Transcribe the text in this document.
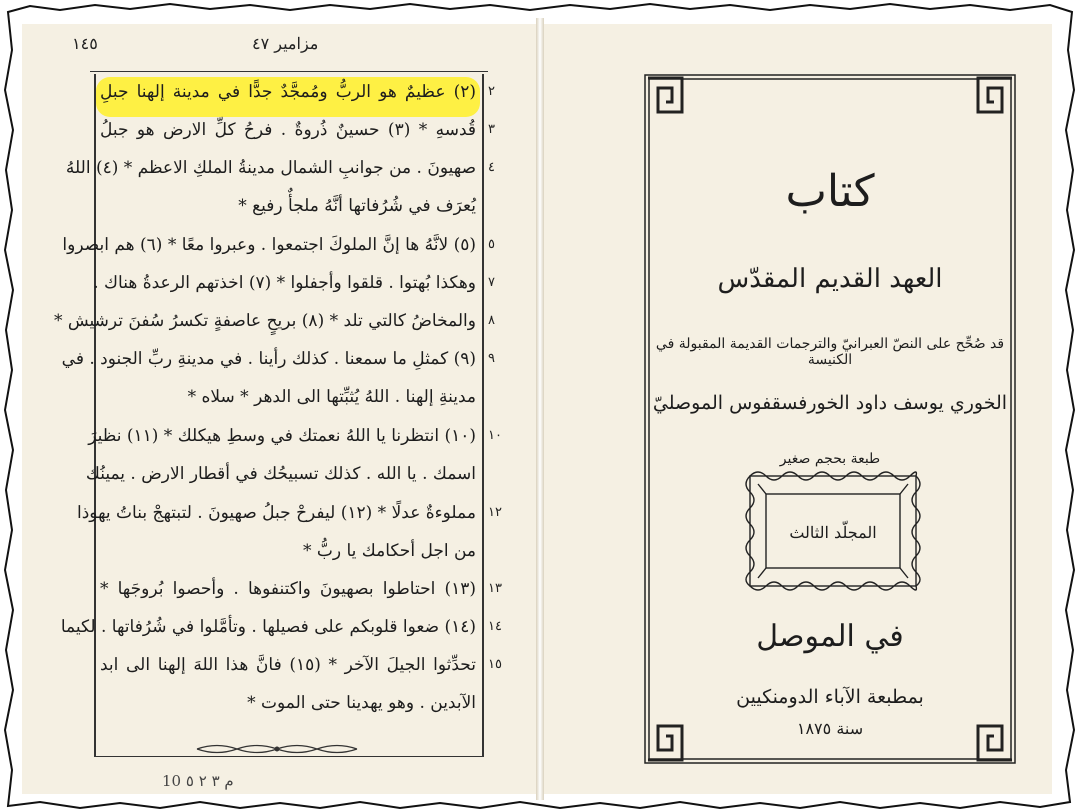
١٤٥	مزامير ٤٧
٢
٣
٤
٥
٧
٨
٩
١٠
١٢
١٣
١٤
١٥
(٢) عظيمٌ هو الربُّ ومُمجَّدٌ جدًّا في مدينة إلهنا جبلِ
قُدسهِ * (٣) حسينٌ ذُروةٌ . فرحُ كلِّ الارض هو جبلُ
صهيونَ . من جوانبِ الشمال مدينةُ الملكِ الاعظم * (٤) اللهُ
يُعرَف في شُرُفاتها أنَّهُ ملجأٌ رفيع *
(٥) لانَّهُ ها إنَّ الملوكَ اجتمعوا . وعبروا معًا * (٦) هم ابصروا
وهكذا بُهتوا . قلقوا وأجفلوا * (٧) اخذتهم الرعدةُ هناك .
والمخاضُ كالتي تلد * (٨) بريحٍ عاصفةٍ تكسرُ سُفنَ ترشيش *
(٩) كمثلِ ما سمعنا . كذلك رأينا . في مدينةِ ربِّ الجنود . في
مدينةِ إلهنا . اللهُ يُثبِّتها الى الدهر * سلاه *
(١٠) انتظرنا يا اللهُ نعمتك في وسطِ هيكلك * (١١) نظيرَ
اسمك . يا الله . كذلك تسبيحُك في أقطار الارض . يمينُك
مملوءةٌ عدلًا * (١٢) ليفرحْ جبلُ صهيونَ . لتبتهجْ بناتُ يهوذا
من اجل أحكامك يا ربُّ *
(١٣) احتاطوا بصهيونَ واكتنفوها . وأحصوا بُروجَها *
(١٤) ضعوا قلوبكم على فصيلها . وتأمَّلوا في شُرُفاتها . لكيما
تحدِّثوا الجيلَ الآخر * (١٥) فانَّ هذا اللهَ إلهنا الى ابد
الآبدين . وهو يهدينا حتى الموت *
م ٣ ٢ ٥ 10
كتاب
العهد القديم المقدّس
قد صُحِّح على النصّ العبرانيّ والترجمات القديمة المقبولة في الكنيسة
الخوري يوسف داود الخورفسقفوس الموصليّ
طبعة بحجم صغير
المجلّد الثالث
في الموصل
بمطبعة الآباء الدومنكيين
سنة ١٨٧٥
